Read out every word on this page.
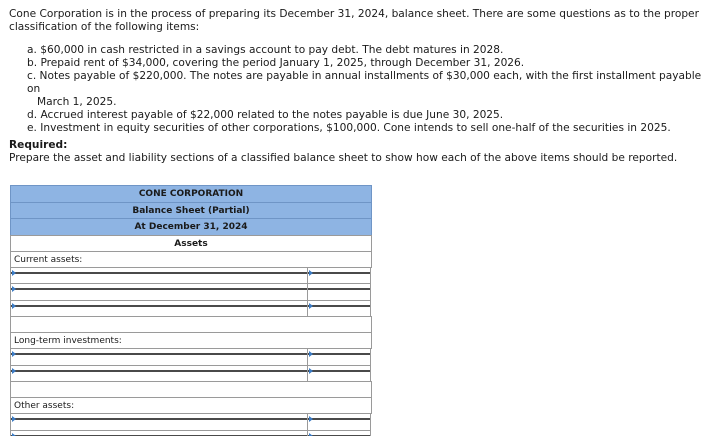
Cone Corporation is in the process of preparing its December 31, 2024, balance sheet. There are some questions as to the proper classification of the following items:
a. $60,000 in cash restricted in a savings account to pay debt. The debt matures in 2028.
b. Prepaid rent of $34,000, covering the period January 1, 2025, through December 31, 2026.
c. Notes payable of $220,000. The notes are payable in annual installments of $30,000 each, with the first installment payable on
March 1, 2025.
d. Accrued interest payable of $22,000 related to the notes payable is due June 30, 2025.
e. Investment in equity securities of other corporations, $100,000. Cone intends to sell one-half of the securities in 2025.
Required:
Prepare the asset and liability sections of a classified balance sheet to show how each of the above items should be reported.
CONE CORPORATION
Balance Sheet (Partial)
At December 31, 2024
Assets
Current assets:
Long-term investments:
Other assets:
